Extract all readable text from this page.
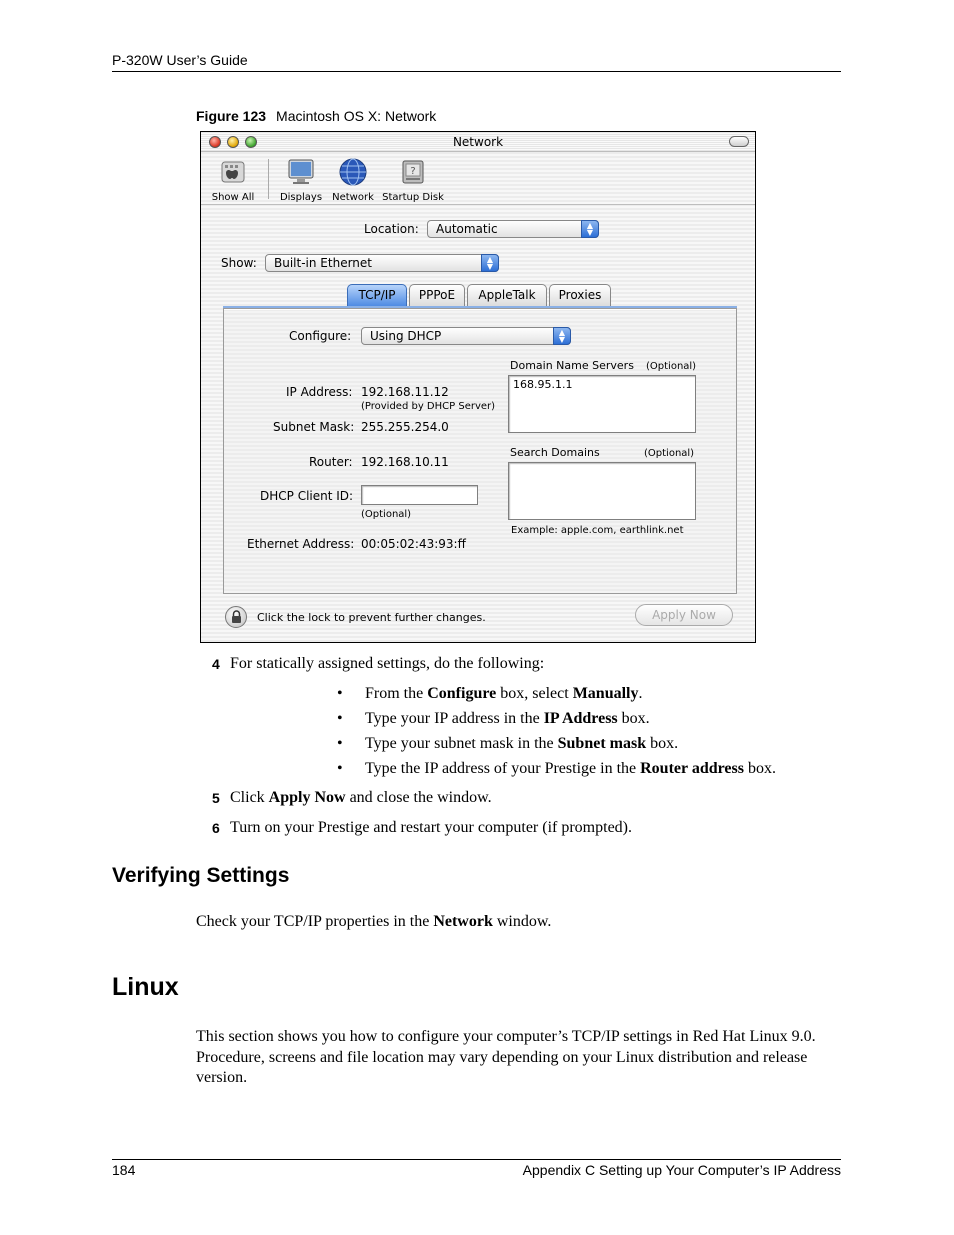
P-320W User’s Guide
Figure 123 Macintosh OS X: Network
Network
Show All	Displays	Network
?
Startup Disk
Location:	Automatic	▲
▼
Show:	Built-in Ethernet	▲
▼
TCP/IP	PPPoE	AppleTalk	Proxies
Configure:	Using DHCP	▲
▼
IP Address: 192.168.11.12
(Provided by DHCP Server)
Subnet Mask: 255.255.254.0
Router: 192.168.10.11
DHCP Client ID:
(Optional)
Ethernet Address: 00:05:02:43:93:ff
Domain Name Servers (Optional)
168.95.1.1
Search Domains	(Optional)
Example: apple.com, earthlink.net
Click the lock to prevent further changes.	Apply Now
4 For statically assigned settings, do the following:
• From the Configure box, select Manually.
• Type your IP address in the IP Address box.
• Type your subnet mask in the Subnet mask box.
• Type the IP address of your Prestige in the Router address box.
5 Click Apply Now and close the window.
6 Turn on your Prestige and restart your computer (if prompted).
Verifying Settings
Check your TCP/IP properties in the Network window.
Linux
This section shows you how to configure your computer’s TCP/IP settings in Red Hat Linux 9.0. Procedure, screens and file location may vary depending on your Linux distribution and release version.
184	Appendix C Setting up Your Computer’s IP Address
